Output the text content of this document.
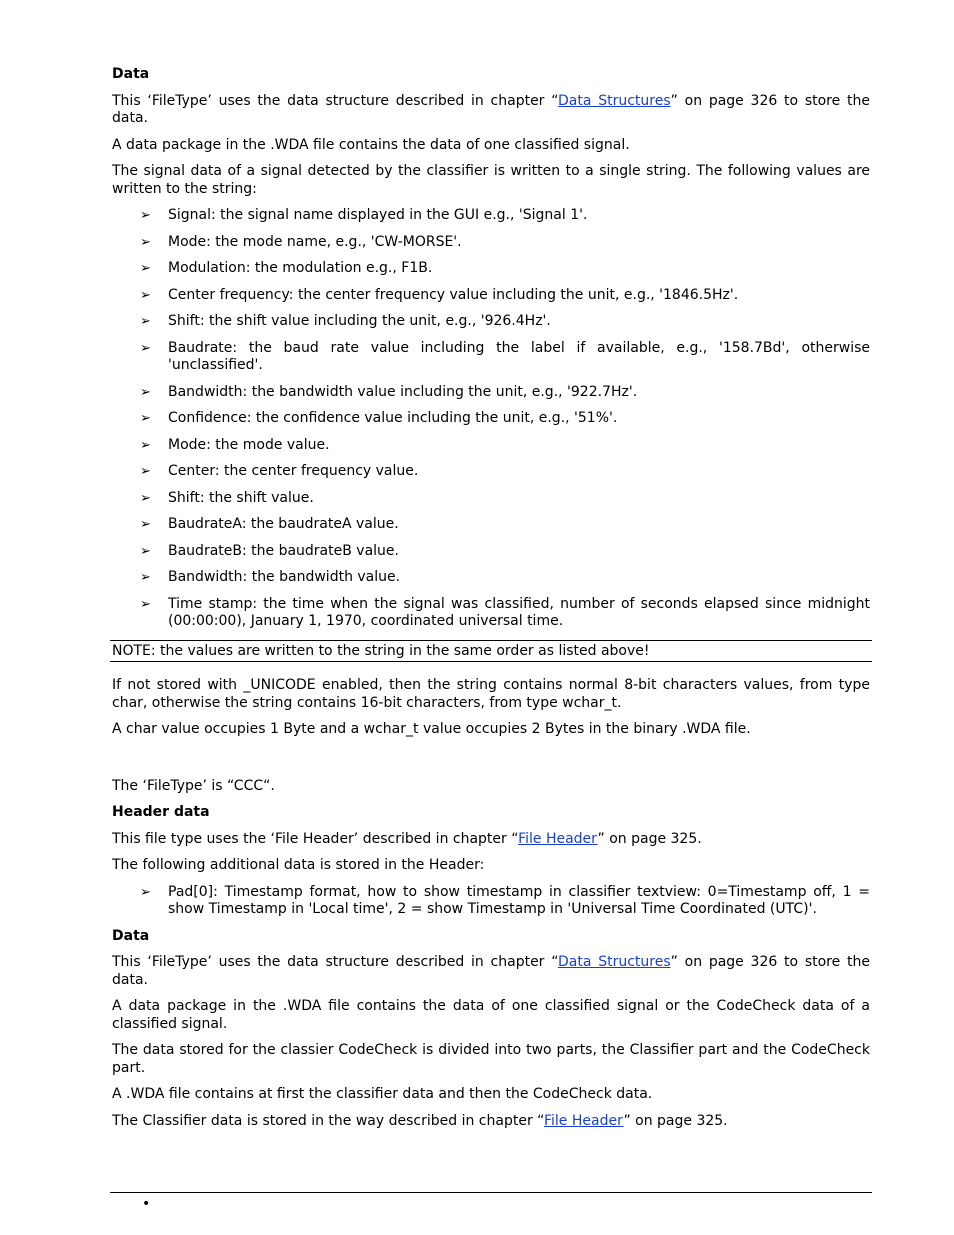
Data

This ‘FileType’ uses the data structure described in chapter “Data Structures” on page 326 to store the data.

A data package in the .WDA file contains the data of one classified signal.

The signal data of a signal detected by the classifier is written to a single string. The following values are written to the string:

➢ Signal: the signal name displayed in the GUI e.g., 'Signal 1'.
➢ Mode: the mode name, e.g., 'CW-MORSE'.
➢ Modulation: the modulation e.g., F1B.
➢ Center frequency: the center frequency value including the unit, e.g., '1846.5Hz'.
➢ Shift: the shift value including the unit, e.g., '926.4Hz'.
➢ Baudrate: the baud rate value including the label if available, e.g., '158.7Bd', otherwise 'unclassified'.
➢ Bandwidth: the bandwidth value including the unit, e.g., '922.7Hz'.
➢ Confidence: the confidence value including the unit, e.g., '51%'.
➢ Mode: the mode value.
➢ Center: the center frequency value.
➢ Shift: the shift value.
➢ BaudrateA: the baudrateA value.
➢ BaudrateB: the baudrateB value.
➢ Bandwidth: the bandwidth value.
➢ Time stamp: the time when the signal was classified, number of seconds elapsed since midnight (00:00:00), January 1, 1970, coordinated universal time.
NOTE: the values are written to the string in the same order as listed above!

If not stored with _UNICODE enabled, then the string contains normal 8-bit characters values, from type char, otherwise the string contains 16-bit characters, from type wchar_t.

A char value occupies 1 Byte and a wchar_t value occupies 2 Bytes in the binary .WDA file.

The ‘FileType’ is “CCC“.

Header data

This file type uses the ‘File Header’ described in chapter “File Header” on page 325.

The following additional data is stored in the Header:

➢ Pad[0]: Timestamp format, how to show timestamp in classifier textview: 0=Timestamp off, 1 = show Timestamp in 'Local time', 2 = show Timestamp in 'Universal Time Coordinated (UTC)'.
Data

This ‘FileType’ uses the data structure described in chapter “Data Structures” on page 326 to store the data.

A data package in the .WDA file contains the data of one classified signal or the CodeCheck data of a classified signal.

The data stored for the classier CodeCheck is divided into two parts, the Classifier part and the CodeCheck part.

A .WDA file contains at first the classifier data and then the CodeCheck data.

The Classifier data is stored in the way described in chapter “File Header” on page 325.

•
